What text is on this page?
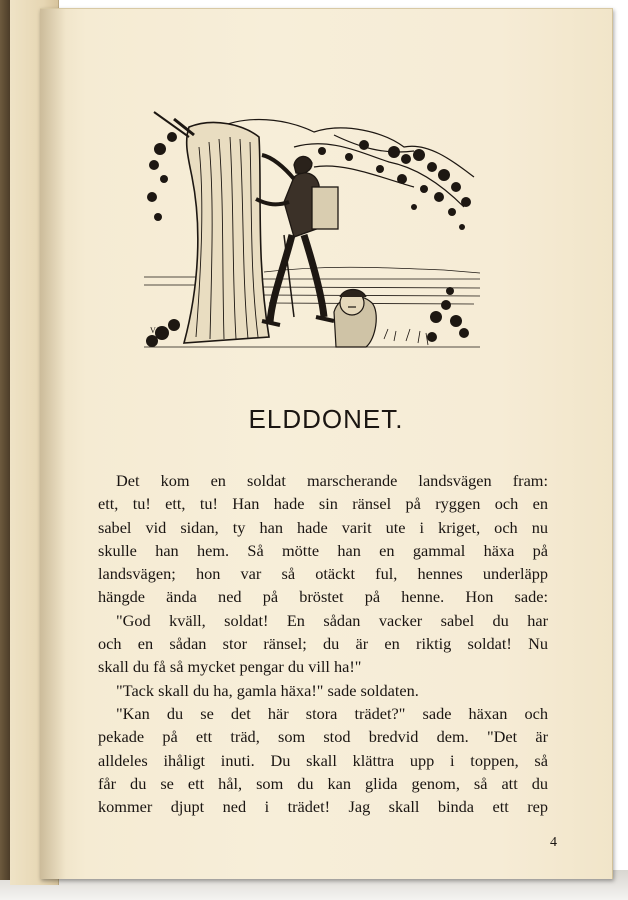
V.P.
ELDDONET.
Det kom en soldat marscherande landsvägen fram:
ett, tu! ett, tu! Han hade sin ränsel på ryggen och en
sabel vid sidan, ty han hade varit ute i kriget, och nu
skulle han hem. Så mötte han en gammal häxa på
landsvägen; hon var så otäckt ful, hennes underläpp
hängde ända ned på bröstet på henne. Hon sade:
"God kväll, soldat! En sådan vacker sabel du har
och en sådan stor ränsel; du är en riktig soldat! Nu
skall du få så mycket pengar du vill ha!"
"Tack skall du ha, gamla häxa!" sade soldaten.
"Kan du se det här stora trädet?" sade häxan och
pekade på ett träd, som stod bredvid dem. "Det är
alldeles ihåligt inuti. Du skall klättra upp i toppen, så
får du se ett hål, som du kan glida genom, så att du
kommer djupt ned i trädet! Jag skall binda ett rep
4
